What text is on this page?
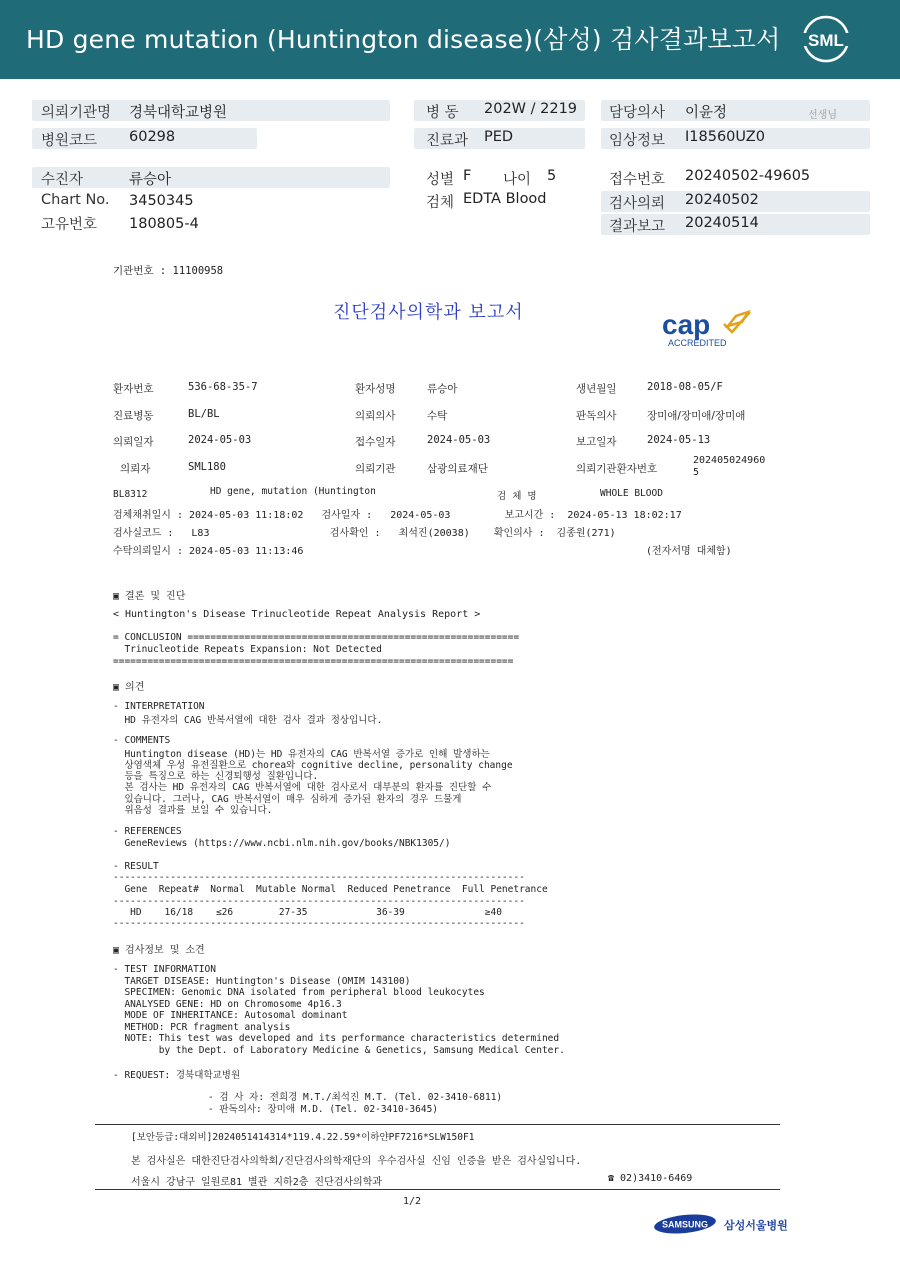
HD gene mutation (Huntington disease)(삼성) 검사결과보고서 SML
의뢰기관명 경북대학교병원
병원코드 60298
병 동 202W / 2219
진료과 PED
담당의사 이윤정	선생님
임상정보 I18560UZ0
수진자	류승아
Chart No. 3450345
고유번호 180805-4
성별 F 나이 5
검체 EDTA Blood
접수번호 20240502-49605
검사의뢰 20240502
결과보고 20240514
기관번호 : 11100958
진단검사의학과 보고서	cap
ACCREDITED
환자번호	536-68-35-7	환자성명	류승아	생년월일	2018-08-05/F
진료병동	BL/BL	의뢰의사	수탁	판독의사	장미애/장미애/장미애
의뢰일자	2024-05-03	접수일자	2024-05-03	보고일자	2024-05-13
의뢰자	SML180	의뢰기관	삼광의료재단	의뢰기관환자번호
202405024960
5
BL8312	HD gene, mutation (Huntington	검  체  명	WHOLE BLOOD
검체채취일시 : 2024-05-03 11:18:02   검사일자 :   2024-05-03         보고시간 :  2024-05-13 18:02:17
검사실코드 :   L83                    검사확인 :   최석진(20038)    확인의사 :  김종원(271)
수탁의뢰일시 : 2024-05-03 11:13:46	(전자서명 대체함)
▣ 결론 및 진단
< Huntington's Disease Trinucleotide Repeat Analysis Report >
= CONCLUSION ==========================================================
Trinucleotide Repeats Expansion: Not Detected
======================================================================
▣ 의견
- INTERPRETATION
HD 유전자의 CAG 반복서열에 대한 검사 결과 정상입니다.
- COMMENTS
Huntington disease (HD)는 HD 유전자의 CAG 반복서열 증가로 인해 발생하는
상염색체 우성 유전질환으로 chorea와 cognitive decline, personality change
등을 특징으로 하는 신경퇴행성 질환입니다.
본 검사는 HD 유전자의 CAG 반복서열에 대한 검사로서 대부분의 환자를 진단할 수
있습니다. 그러나, CAG 반복서열이 매우 심하게 증가된 환자의 경우 드물게
위음성 결과를 보일 수 있습니다.
- REFERENCES
GeneReviews (https://www.ncbi.nlm.nih.gov/books/NBK1305/)
- RESULT
------------------------------------------------------------------------
Gene  Repeat#  Normal  Mutable Normal  Reduced Penetrance  Full Penetrance
------------------------------------------------------------------------
HD    16/18    ≤26        27-35            36-39              ≥40
------------------------------------------------------------------------
▣ 검사정보 및 소견
- TEST INFORMATION
TARGET DISEASE: Huntington's Disease (OMIM 143100)
SPECIMEN: Genomic DNA isolated from peripheral blood leukocytes
ANALYSED GENE: HD on Chromosome 4p16.3
MODE OF INHERITANCE: Autosomal dominant
METHOD: PCR fragment analysis
NOTE: This test was developed and its performance characteristics determined
by the Dept. of Laboratory Medicine & Genetics, Samsung Medical Center.
- REQUEST: 경북대학교병원
- 검 사 자: 전희경 M.T./최석진 M.T. (Tel. 02-3410-6811)
- 판독의사: 장미애 M.D. (Tel. 02-3410-3645)
[보안등급:대외비]2024051414314*119.4.22.59*이하얀PF7216*SLW150F1
본 검사실은 대한진단검사의학회/진단검사의학재단의 우수검사실 신임 인증을 받은 검사실입니다.
서울시 강남구 일원로81 별관 지하2층 진단검사의학과	☎ 02)3410-6469
1/2
SAMSUNG 삼성서울병원
